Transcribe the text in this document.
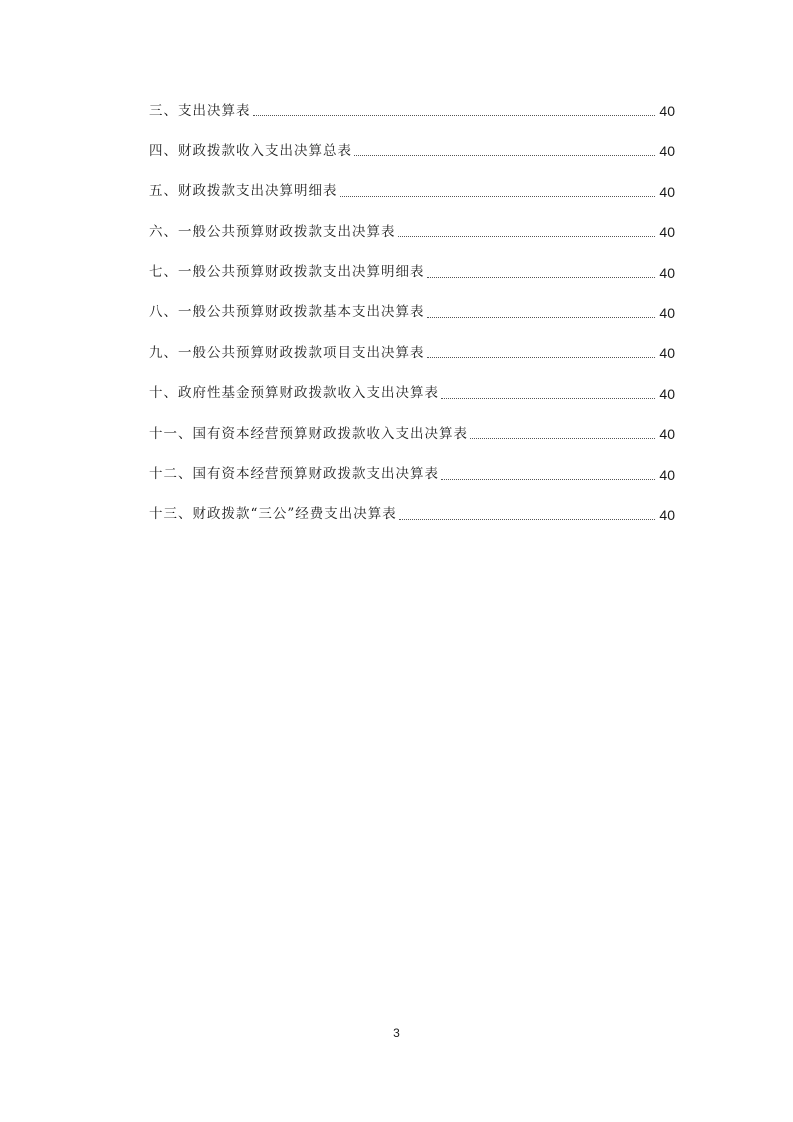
三、支出决算表	40
四、财政拨款收入支出决算总表	40
五、财政拨款支出决算明细表	40
六、一般公共预算财政拨款支出决算表	40
七、一般公共预算财政拨款支出决算明细表	40
八、一般公共预算财政拨款基本支出决算表	40
九、一般公共预算财政拨款项目支出决算表	40
十、政府性基金预算财政拨款收入支出决算表	40
十一、国有资本经营预算财政拨款收入支出决算表	40
十二、国有资本经营预算财政拨款支出决算表	40
十三、财政拨款“三公”经费支出决算表	40
3
